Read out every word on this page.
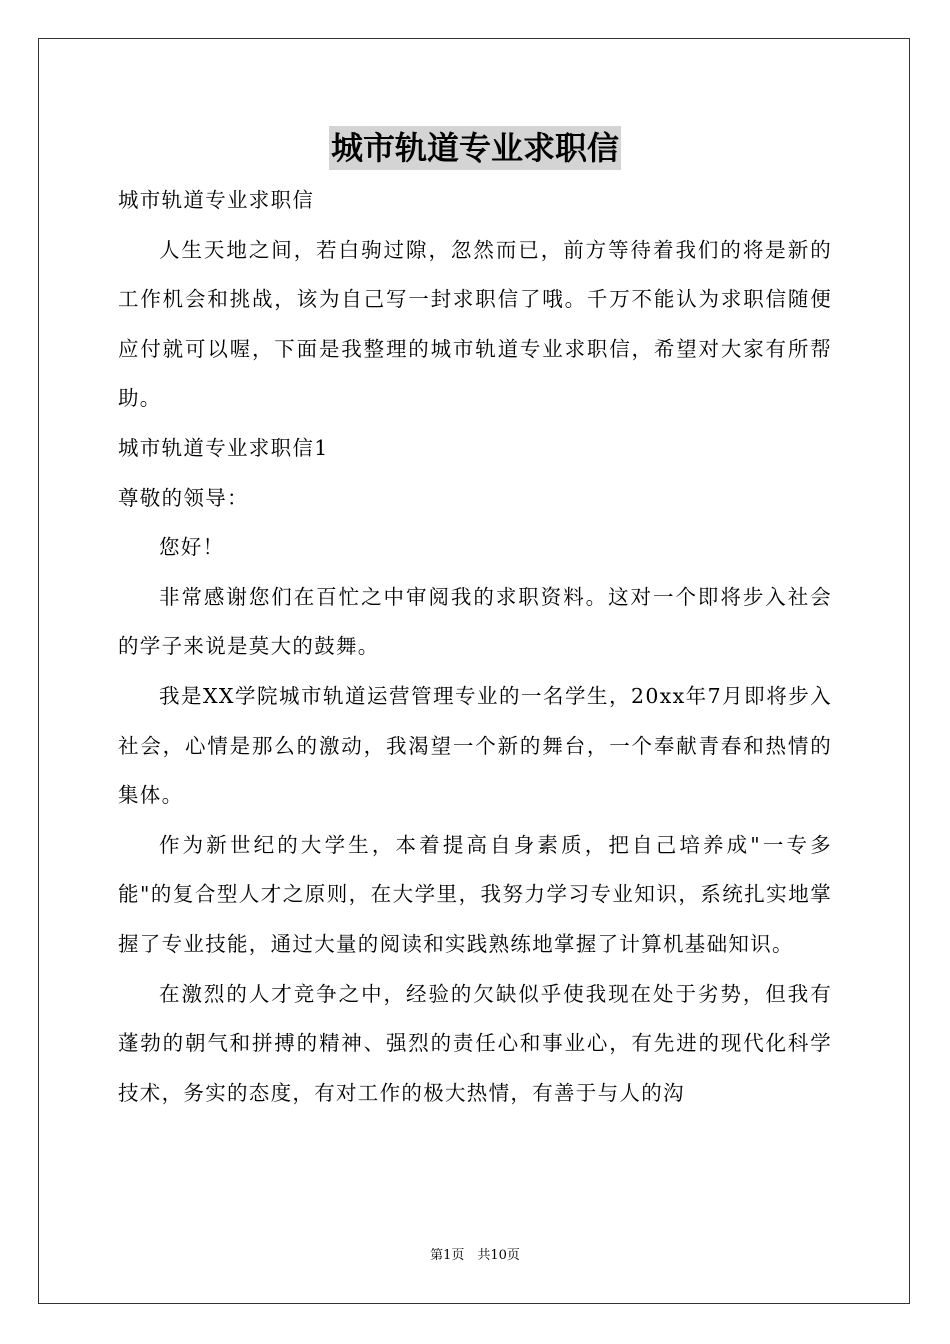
城市轨道专业求职信

城市轨道专业求职信

人生天地之间，若白驹过隙，忽然而已，前方等待着我们的将是新的工作机会和挑战，该为自己写一封求职信了哦。千万不能认为求职信随便应付就可以喔，下面是我整理的城市轨道专业求职信，希望对大家有所帮助。

城市轨道专业求职信1

尊敬的领导：

您好！

非常感谢您们在百忙之中审阅我的求职资料。这对一个即将步入社会的学子来说是莫大的鼓舞。

我是XX学院城市轨道运营管理专业的一名学生，20xx年7月即将步入社会，心情是那么的激动，我渴望一个新的舞台，一个奉献青春和热情的集体。

作为新世纪的大学生，本着提高自身素质，把自己培养成"一专多能"的复合型人才之原则，在大学里，我努力学习专业知识，系统扎实地掌握了专业技能，通过大量的阅读和实践熟练地掌握了计算机基础知识。

在激烈的人才竞争之中，经验的欠缺似乎使我现在处于劣势，但我有蓬勃的朝气和拼搏的精神、强烈的责任心和事业心，有先进的现代化科学技术，务实的态度，有对工作的极大热情，有善于与人的沟

第1页　共10页
